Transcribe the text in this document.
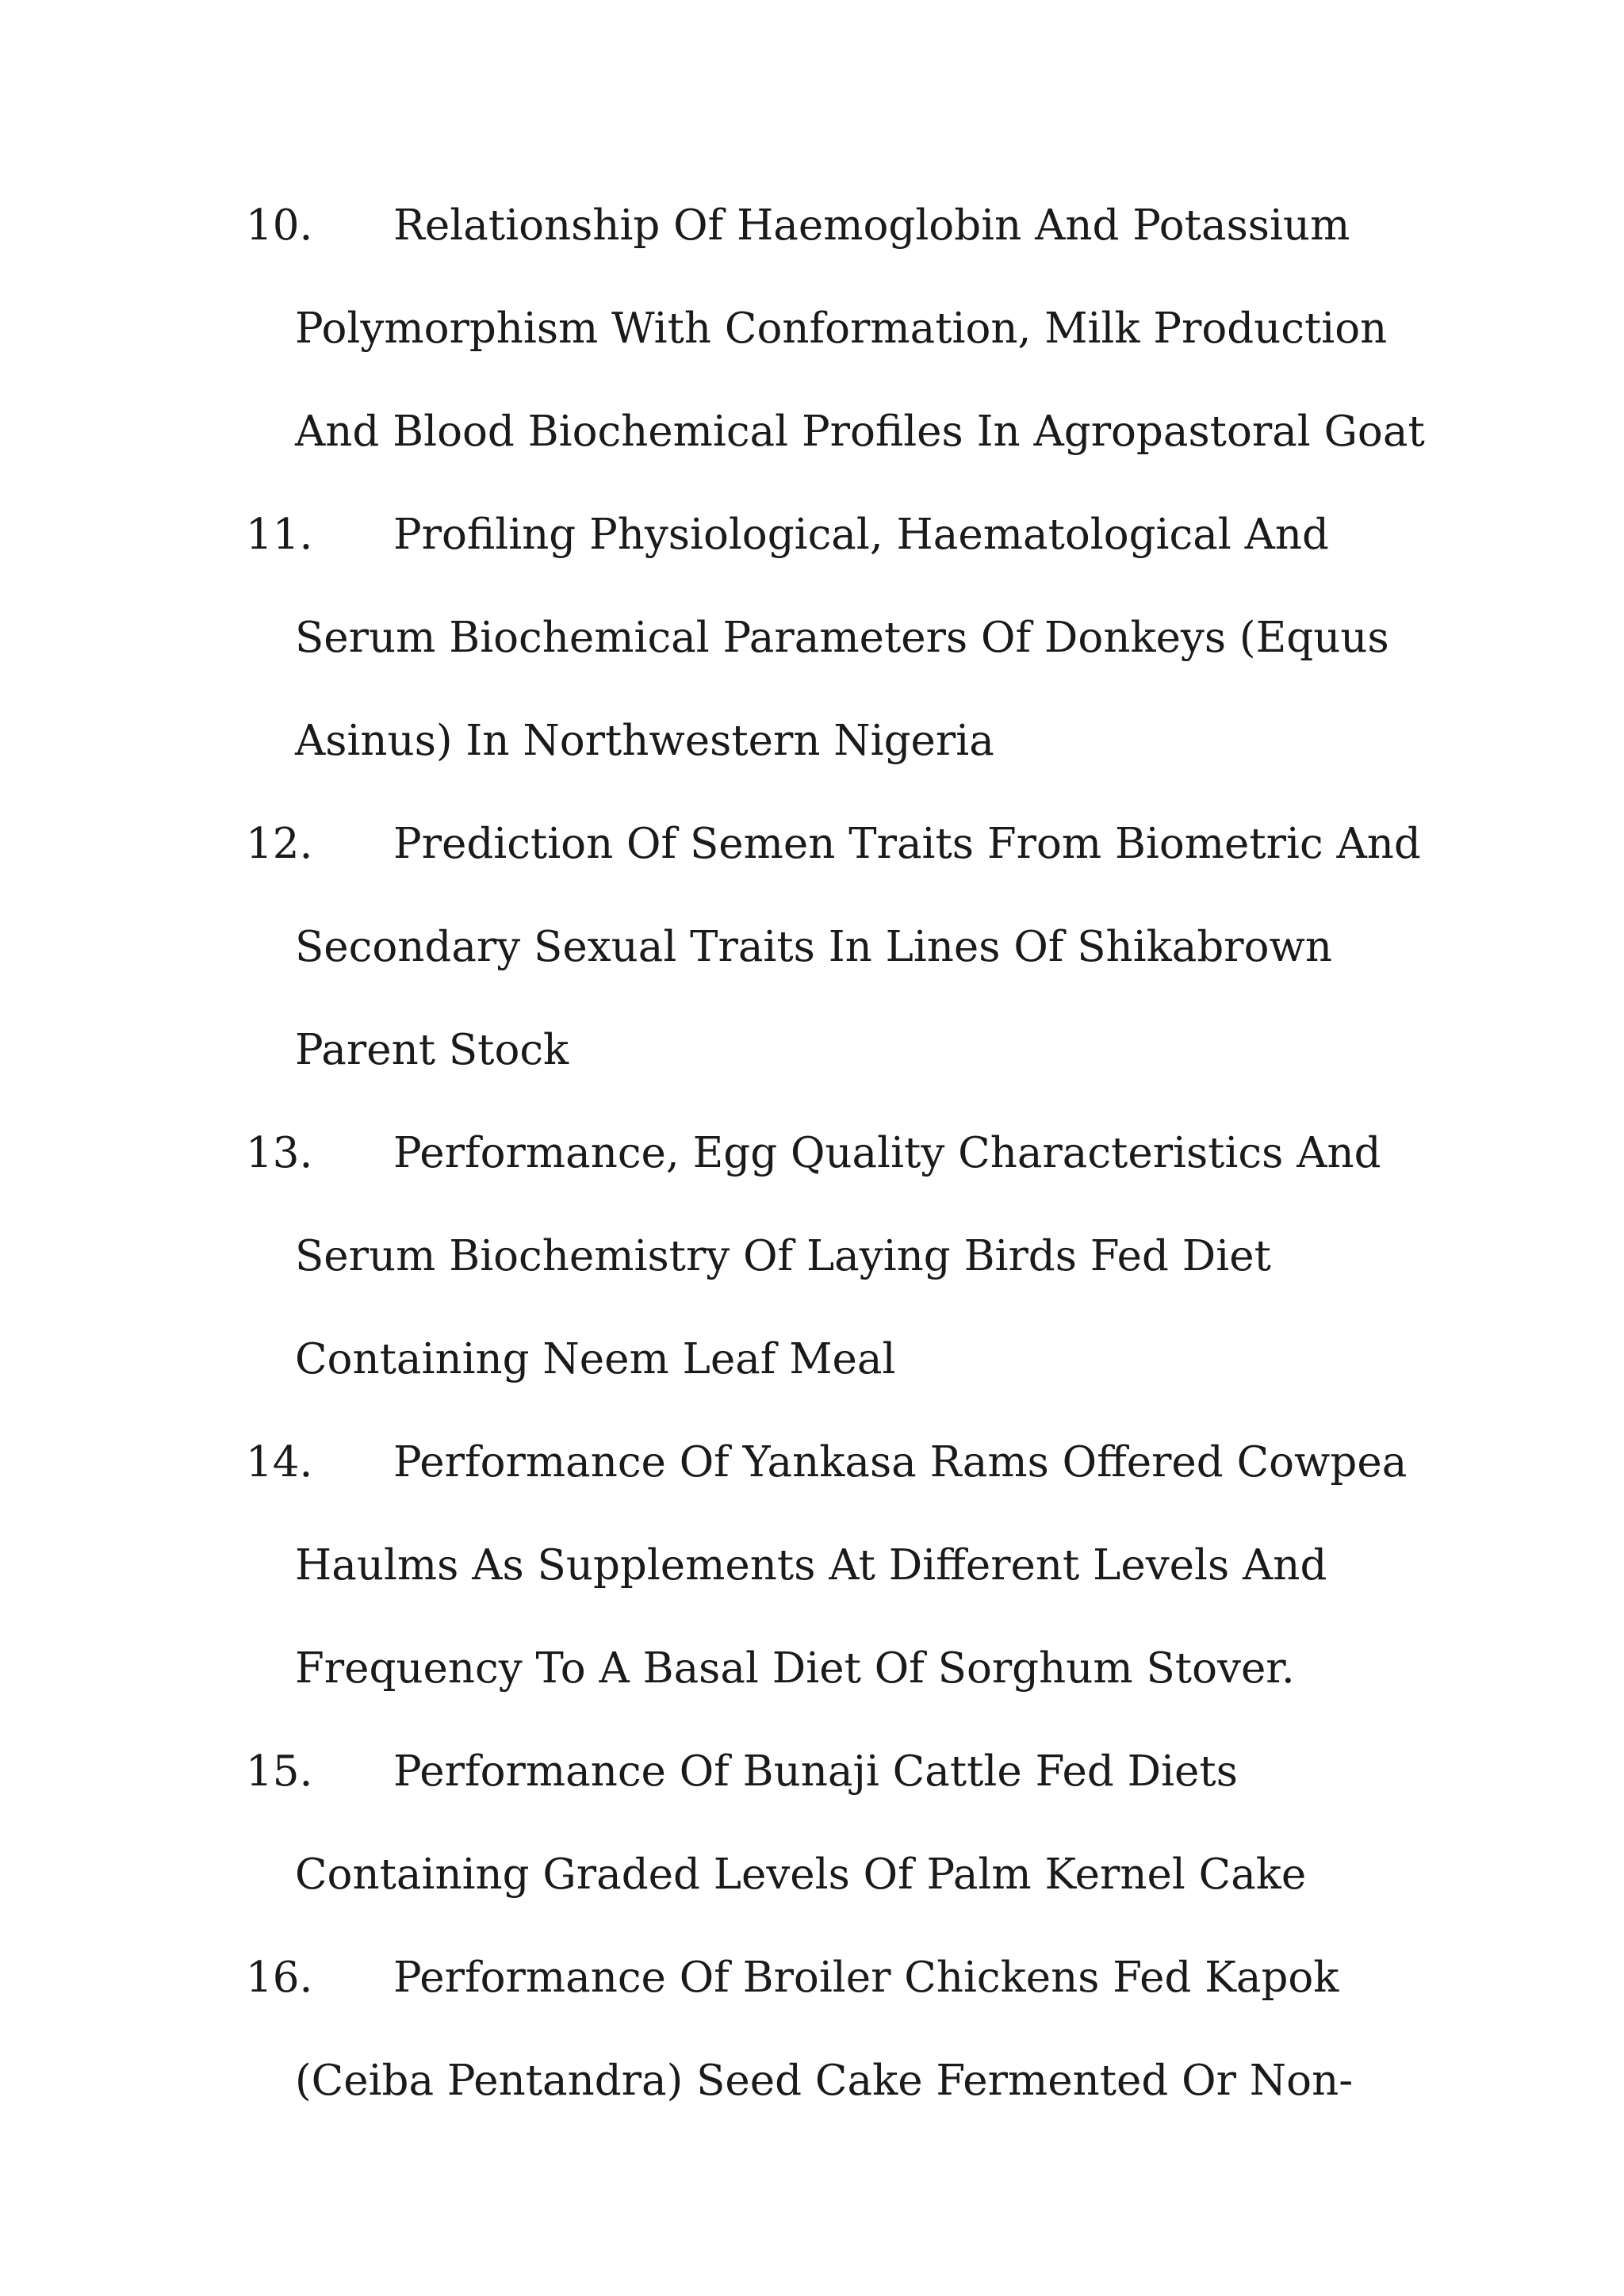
10. Relationship Of Haemoglobin And Potassium
Polymorphism With Conformation, Milk Production
And Blood Biochemical Profiles In Agropastoral Goat
11. Profiling Physiological, Haematological And
Serum Biochemical Parameters Of Donkeys (Equus
Asinus) In Northwestern Nigeria
12. Prediction Of Semen Traits From Biometric And
Secondary Sexual Traits In Lines Of Shikabrown
Parent Stock
13. Performance, Egg Quality Characteristics And
Serum Biochemistry Of Laying Birds Fed Diet
Containing Neem Leaf Meal
14. Performance Of Yankasa Rams Offered Cowpea
Haulms As Supplements At Different Levels And
Frequency To A Basal Diet Of Sorghum Stover.
15. Performance Of Bunaji Cattle Fed Diets
Containing Graded Levels Of Palm Kernel Cake
16. Performance Of Broiler Chickens Fed Kapok
(Ceiba Pentandra) Seed Cake Fermented Or Non-
